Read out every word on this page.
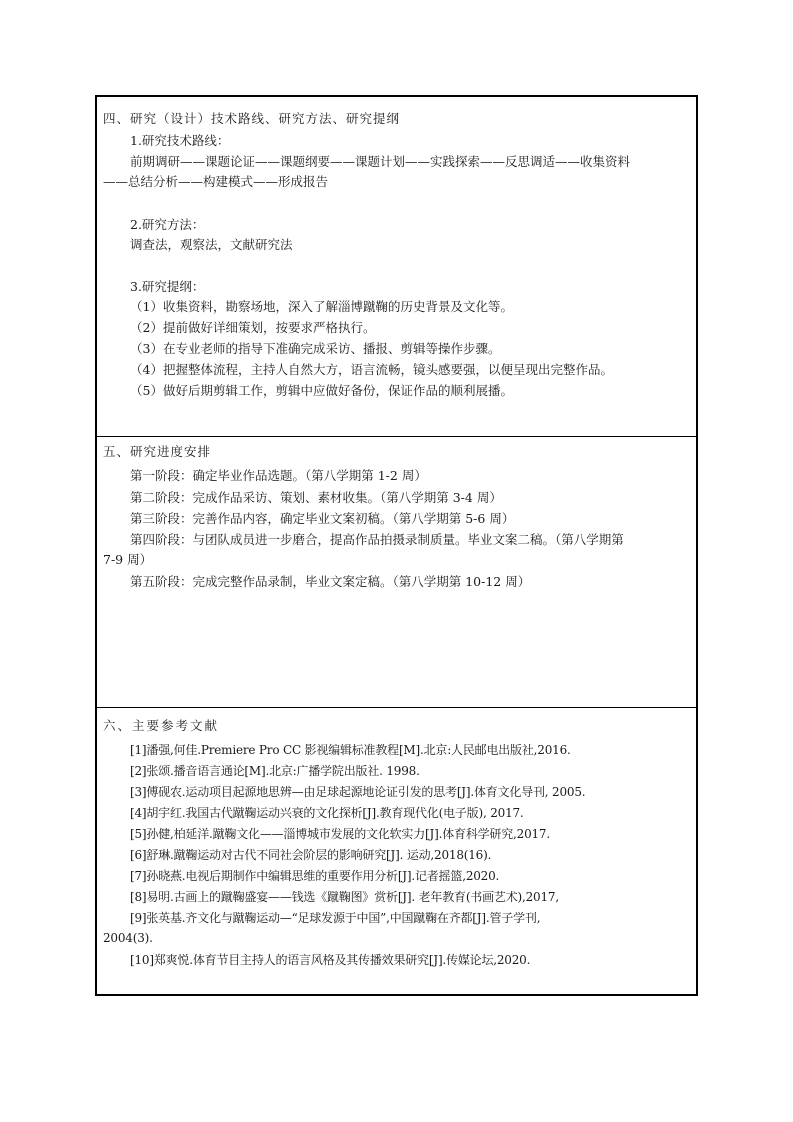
四、研究（设计）技术路线、研究方法、研究提纲
1.研究技术路线：
前期调研——课题论证——课题纲要——课题计划——实践探索——反思调适——收集资料
——总结分析——构建模式——形成报告
2.研究方法：
调查法，观察法，文献研究法
3.研究提纲：
（1）收集资料，勘察场地，深入了解淄博蹴鞠的历史背景及文化等。
（2）提前做好详细策划，按要求严格执行。
（3）在专业老师的指导下准确完成采访、播报、剪辑等操作步骤。
（4）把握整体流程，主持人自然大方，语言流畅，镜头感要强，以便呈现出完整作品。
（5）做好后期剪辑工作，剪辑中应做好备份，保证作品的顺利展播。
五、研究进度安排
第一阶段：确定毕业作品选题。（第八学期第 1-2 周）
第二阶段：完成作品采访、策划、素材收集。（第八学期第 3-4 周）
第三阶段：完善作品内容，确定毕业文案初稿。（第八学期第 5-6 周）
第四阶段：与团队成员进一步磨合，提高作品拍摄录制质量。毕业文案二稿。（第八学期第
7-9 周）
第五阶段：完成完整作品录制，毕业文案定稿。（第八学期第 10-12 周）
六、主要参考文献
[1]潘强,何佳.Premiere Pro CC 影视编辑标准教程[M].北京:人民邮电出版社,2016.
[2]张颂.播音语言通论[M].北京:广播学院出版社. 1998.
[3]傅砚农.运动项目起源地思辨—由足球起源地论证引发的思考[J].体育文化导刊, 2005.
[4]胡宇红.我国古代蹴鞠运动兴衰的文化探析[J].教育现代化(电子版), 2017.
[5]孙健,柏延洋.蹴鞠文化——淄博城市发展的文化软实力[J].体育科学研究,2017.
[6]舒琳.蹴鞠运动对古代不同社会阶层的影响研究[J]. 运动,2018(16).
[7]孙晓燕.电视后期制作中编辑思维的重要作用分析[J].记者摇篮,2020.
[8]易明.古画上的蹴鞠盛宴——钱选《蹴鞠图》赏析[J]. 老年教育(书画艺术),2017,
[9]张英基.齐文化与蹴鞠运动—“足球发源于中国”,中国蹴鞠在齐都[J].管子学刊,
2004(3).
[10]郑爽悦.体育节目主持人的语言风格及其传播效果研究[J].传媒论坛,2020.
